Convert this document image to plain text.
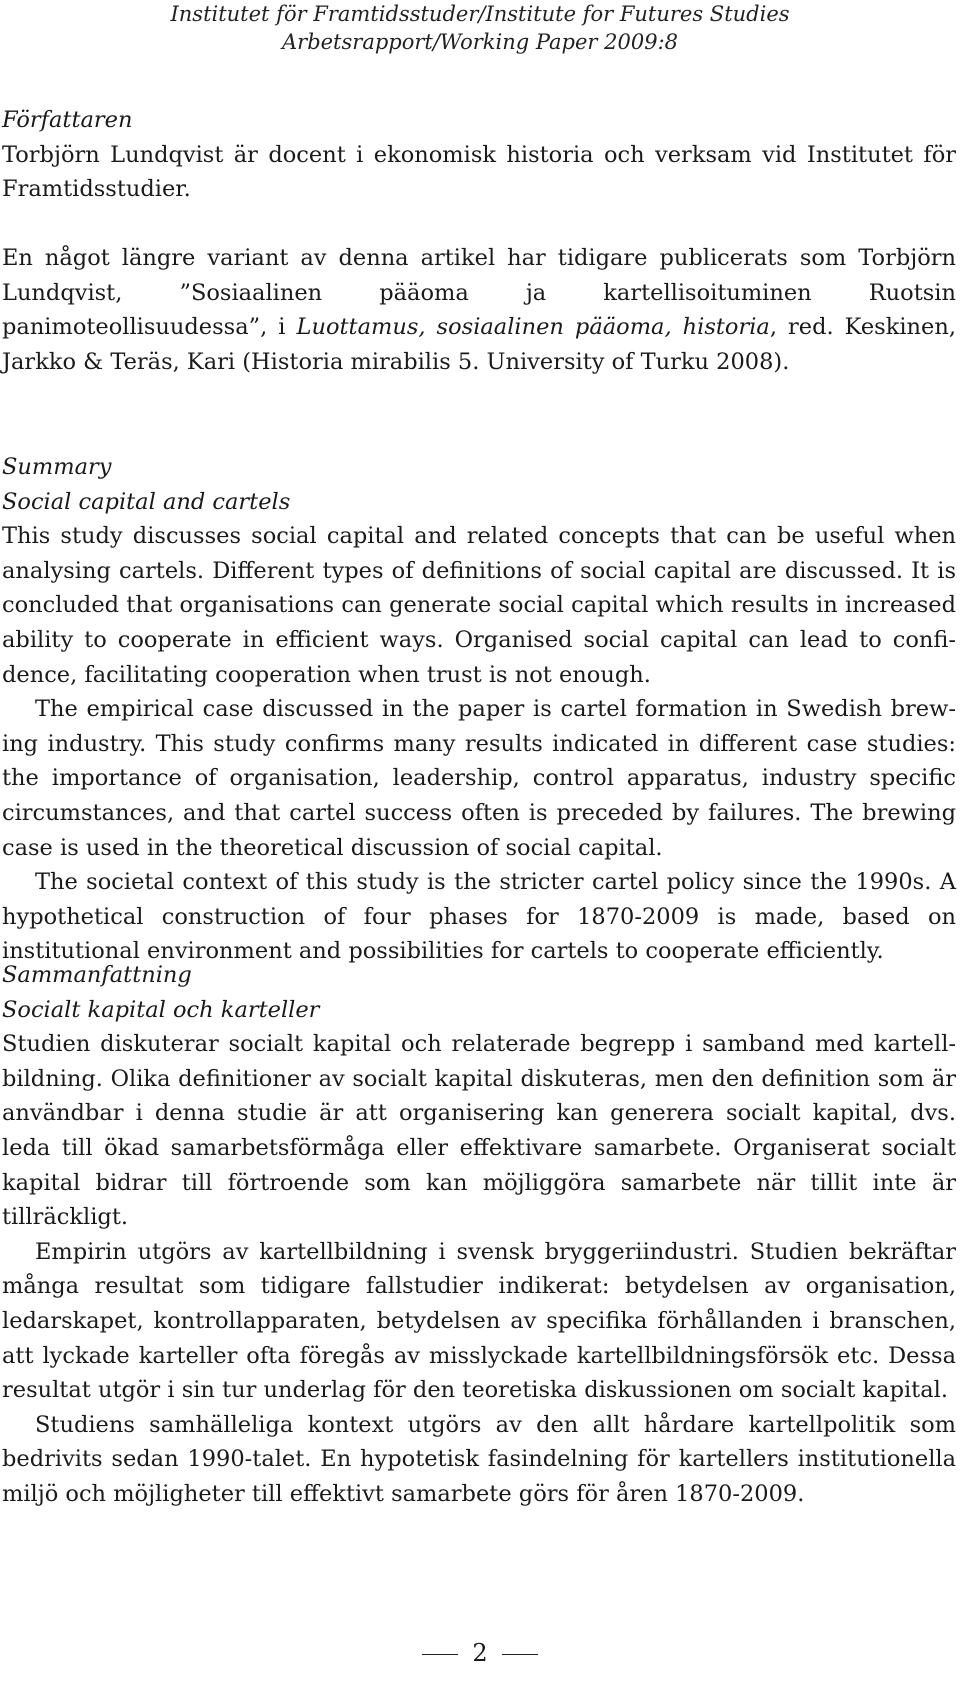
Institutet för Framtidsstuder/Institute for Futures Studies
Arbetsrapport/Working Paper 2009:8

Författaren

Torbjörn Lundqvist är docent i ekonomisk historia och verksam vid Institutet för Framtidsstudier.

En något längre variant av denna artikel har tidigare publicerats som Torbjörn Lundqvist, ”Sosiaalinen pääoma ja kartellisoituminen Ruotsin panimoteollisuudessa”, i Luottamus, sosiaalinen pääoma, historia, red. Keskinen, Jarkko & Teräs, Kari (Historia mirabilis 5. University of Turku 2008).

Summary

Social capital and cartels

This study discusses social capital and related concepts that can be useful when analysing cartels. Different types of definitions of social capital are discussed. It is concluded that organisations can generate social capital which results in increased ability to cooperate in efficient ways. Organised social capital can lead to confi-dence, facilitating cooperation when trust is not enough.

The empirical case discussed in the paper is cartel formation in Swedish brew-ing industry. This study confirms many results indicated in different case studies: the importance of organisation, leadership, control apparatus, industry specific circumstances, and that cartel success often is preceded by failures. The brewing case is used in the theoretical discussion of social capital.

The societal context of this study is the stricter cartel policy since the 1990s. A hypothetical construction of four phases for 1870-2009 is made, based on institutional environment and possibilities for cartels to cooperate efficiently.

Sammanfattning

Socialt kapital och karteller

Studien diskuterar socialt kapital och relaterade begrepp i samband med kartell-bildning. Olika definitioner av socialt kapital diskuteras, men den definition som är användbar i denna studie är att organisering kan generera socialt kapital, dvs. leda till ökad samarbetsförmåga eller effektivare samarbete. Organiserat socialt kapital bidrar till förtroende som kan möjliggöra samarbete när tillit inte är tillräckligt.

Empirin utgörs av kartellbildning i svensk bryggeriindustri. Studien bekräftar många resultat som tidigare fallstudier indikerat: betydelsen av organisation, ledarskapet, kontrollapparaten, betydelsen av specifika förhållanden i branschen, att lyckade karteller ofta föregås av misslyckade kartellbildningsförsök etc. Dessa resultat utgör i sin tur underlag för den teoretiska diskussionen om socialt kapital.

Studiens samhälleliga kontext utgörs av den allt hårdare kartellpolitik som bedrivits sedan 1990-talet. En hypotetisk fasindelning för kartellers institutionella miljö och möjligheter till effektivt samarbete görs för åren 1870-2009.

2
